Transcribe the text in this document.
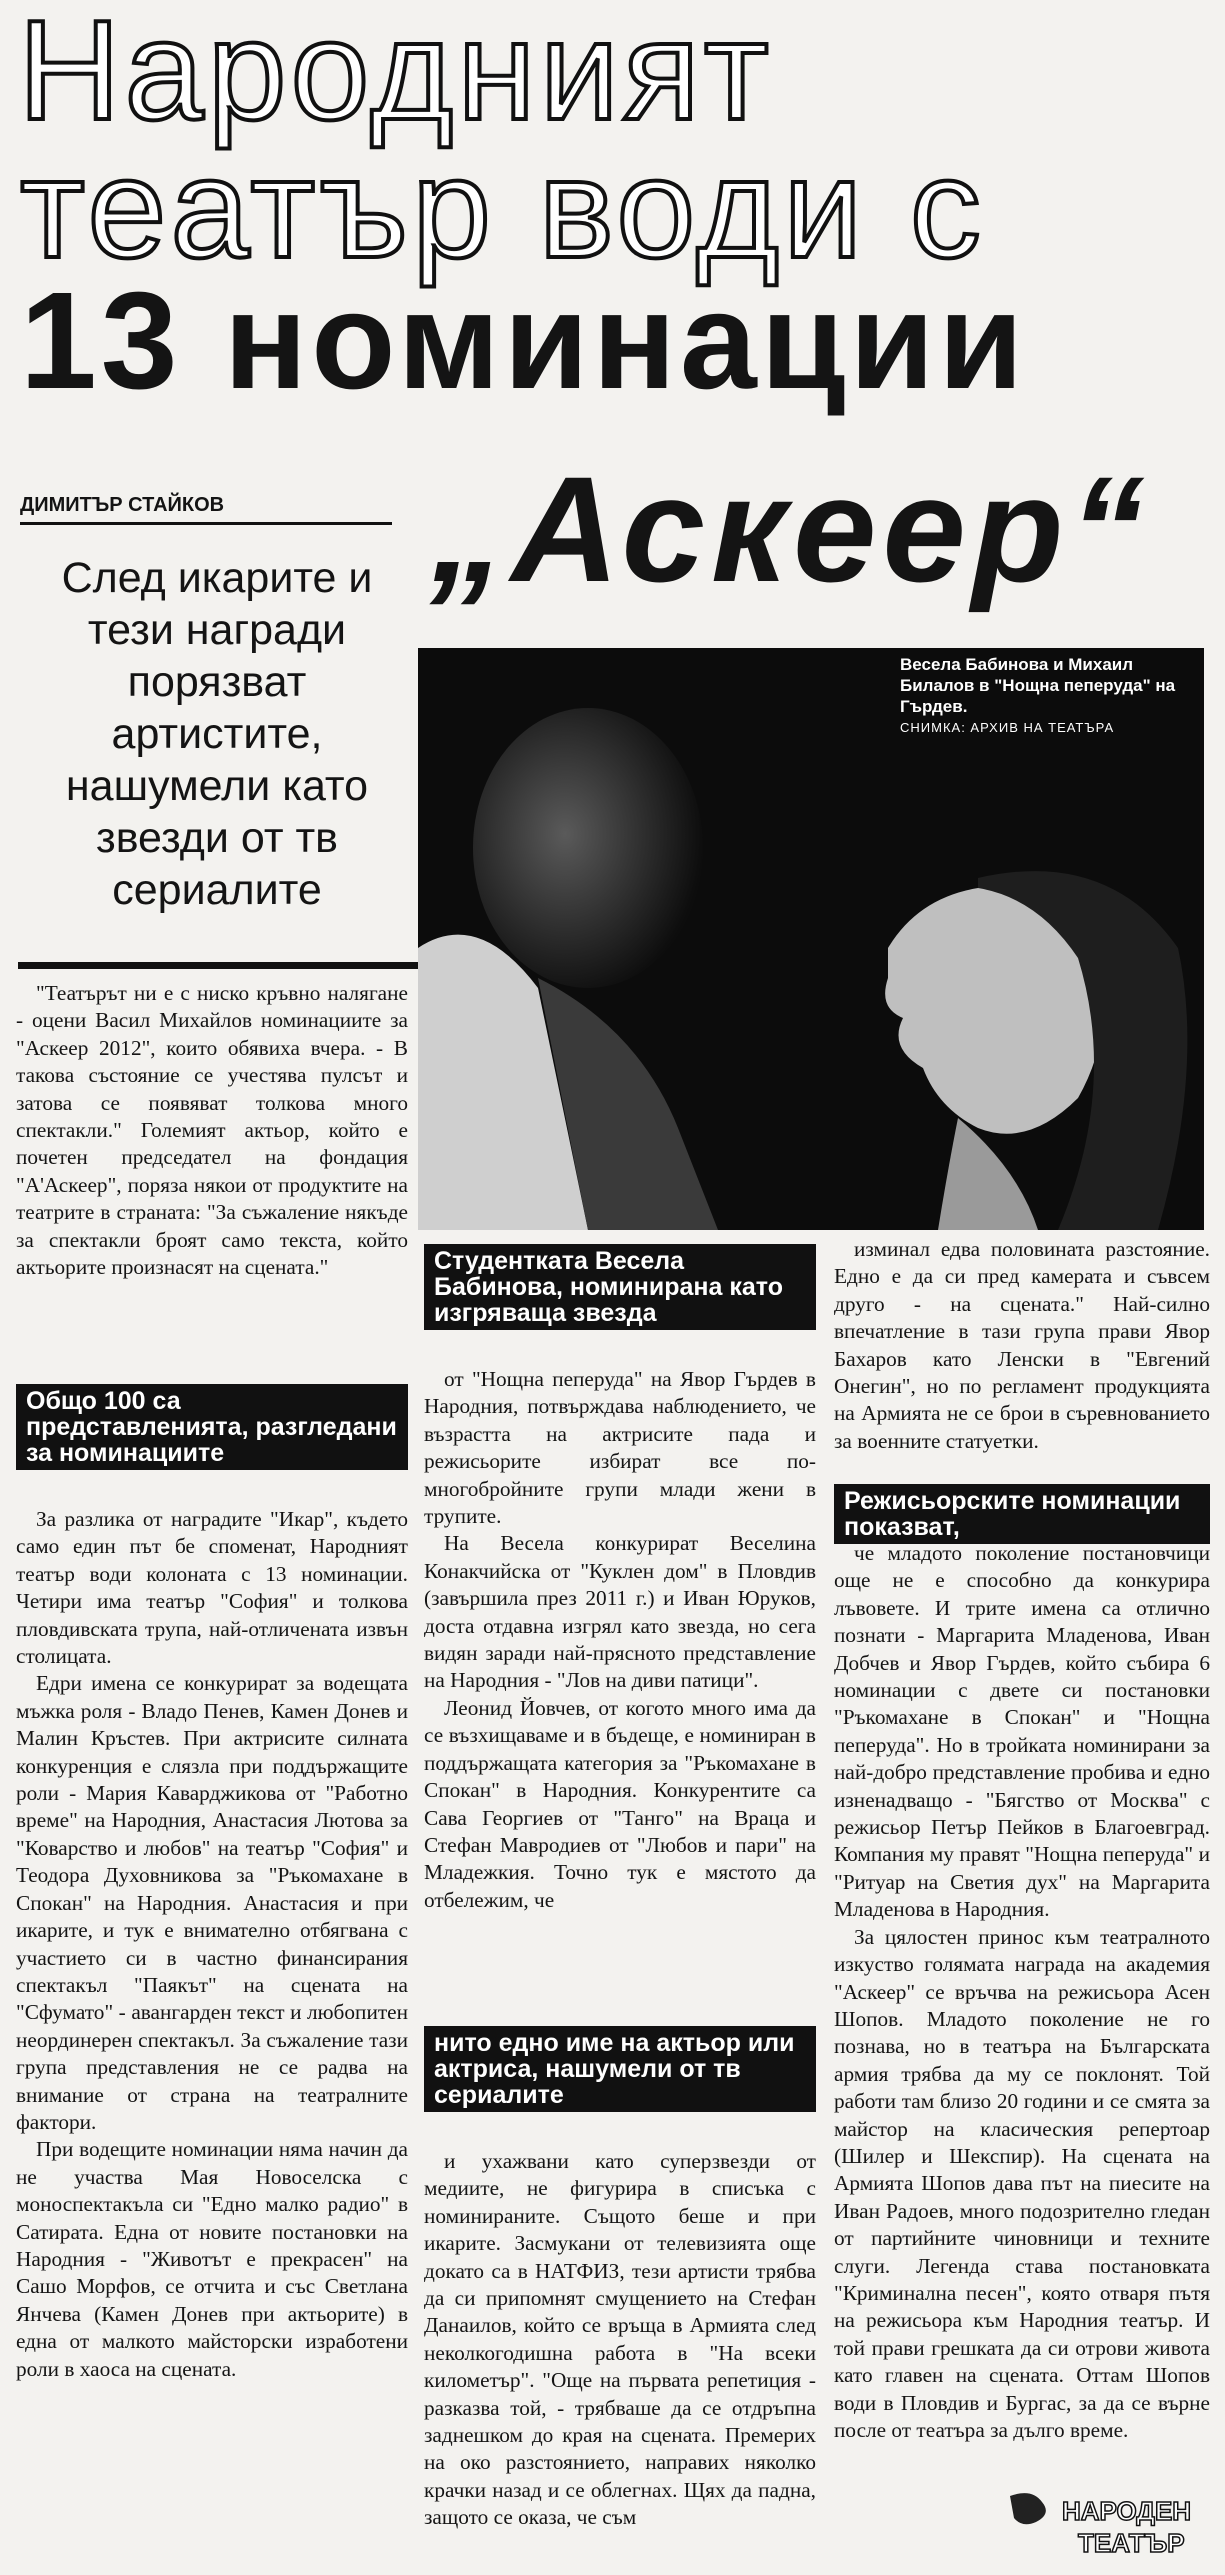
Народният
театър води с
13 номинации
„Аскеер“
ДИМИТЪР СТАЙКОВ
След икарите и тези награди порязват артистите, нашумели като звезди от тв сериалите
Весела Бабинова и Михаил Билалов в "Нощна пеперуда" на Гърдев.
СНИМКА: АРХИВ НА ТЕАТЪРА

"Театърът ни е с ниско кръвно налягане - оцени Васил Михайлов номинациите за "Аскеер 2012", които обявиха вчера. - В такова състояние се учестява пулсът и затова се появяват толкова много спектакли." Големият актьор, който е почетен председател на фондация "А'Аскеер", поряза някои от продуктите на театрите в страната: "За съжаление някъде за спектакли броят само текста, който актьорите произнасят на сцената."

Общо 100 са представленията, разгледани за номинациите

За разлика от наградите "Икар", където само един път бе споменат, Народният театър води колоната с 13 номинации. Четири има театър "София" и толкова пловдивската трупа, най-отличената извън столицата.

Едри имена се конкурират за водещата мъжка роля - Владо Пенев, Камен Донев и Малин Кръстев. При актрисите силната конкуренция е слязла при поддържащите роли - Мария Каварджикова от "Работно време" на Народния, Анастасия Лютова за "Коварство и любов" на театър "София" и Теодора Духовникова за "Ръкомахане в Спокан" на Народния. Анастасия и при икарите, и тук е внимателно отбягвана с участието си в частно финансирания спектакъл "Паякът" на сцената на "Сфумато" - авангарден текст и любопитен неординерен спектакъл. За съжаление тази група представления не се радва на внимание от страна на театралните фактори.

При водещите номинации няма начин да не участва Мая Новоселска с моноспектакъла си "Едно малко радио" в Сатирата. Една от новите постановки на Народния - "Животът е прекрасен" на Сашо Морфов, се отчита и със Светлана Янчева (Камен Донев при актьорите) в една от малкото майсторски изработени роли в хаоса на сцената.

Студентката Весела Бабинова, номинирана като изгряваща звезда

от "Нощна пеперуда" на Явор Гърдев в Народния, потвърждава наблюдението, че възрастта на актрисите пада и режисьорите избират все по-многобройните групи млади жени в трупите.

На Весела конкурират Веселина Конакчийска от "Куклен дом" в Пловдив (завършила през 2011 г.) и Иван Юруков, доста отдавна изгрял като звезда, но сега видян заради най-прясното представление на Народния - "Лов на диви патици".

Леонид Йовчев, от когото много има да се възхищаваме и в бъдеще, е номиниран в поддържащата категория за "Ръкомахане в Спокан" в Народния. Конкурентите са Сава Георгиев от "Танго" на Враца и Стефан Мавродиев от "Любов и пари" на Младежкия. Точно тук е мястото да отбележим, че

нито едно име на актьор или актриса, нашумели от тв сериалите

и ухажвани като суперзвезди от медиите, не фигурира в списъка с номинираните. Същото беше и при икарите. Засмукани от телевизията още докато са в НАТФИЗ, тези артисти трябва да си припомнят смущението на Стефан Данаилов, който се връща в Армията след неколкогодишна работа в "На всеки километър". "Още на първата репетиция - разказва той, - трябваше да се отдръпна заднешком до края на сцената. Премерих на око разстоянието, направих няколко крачки назад и се облегнах. Щях да падна, защото се оказа, че съм

изминал едва половината разстояние. Едно е да си пред камерата и съвсем друго - на сцената." Най-силно впечатление в тази група прави Явор Бахаров като Ленски в "Евгений Онегин", но по регламент продукцията на Армията не се брои в съревнованието за военните статуетки.

Режисьорските номинации показват,

че младото поколение постановчици още не е способно да конкурира лъвовете. И трите имена са отлично познати - Маргарита Младенова, Иван Добчев и Явор Гърдев, който събира 6 номинации с двете си постановки "Ръкомахане в Спокан" и "Нощна пеперуда". Но в тройката номинирани за най-добро представление пробива и едно изненадващо - "Бягство от Москва" с режисьор Петър Пейков в Благоевград. Компания му правят "Нощна пеперуда" и "Ритуар на Светия дух" на Маргарита Младенова в Народния.

За цялостен принос към театралното изкуство голямата награда на академия "Аскеер" се връчва на режисьора Асен Шопов. Младото поколение не го познава, но в театъра на Българската армия трябва да му се поклонят. Той работи там близо 20 години и се смята за майстор на класическия репертоар (Шилер и Шекспир). На сцената на Армията Шопов дава път на пиесите на Иван Радоев, много подозрително гледан от партийните чиновници и техните слуги. Легенда става постановката "Криминална песен", която отваря пътя на режисьора към Народния театър. И той прави грешката да си отрови живота като главен на сцената. Оттам Шопов води в Пловдив и Бургас, за да се върне после от театъра за дълго време.

НАРОДЕН
ТЕАТЪР
